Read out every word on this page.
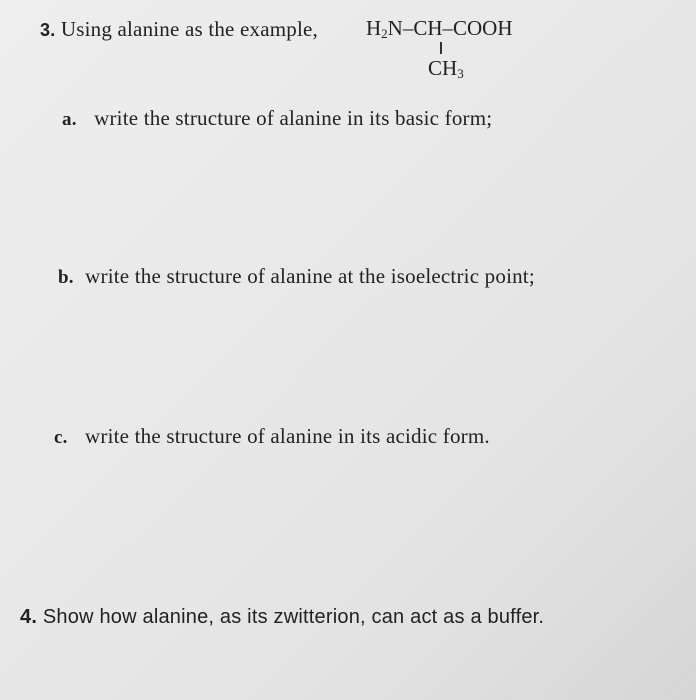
3. Using alanine as the example, $H_2N-CH$–COOH
$CH_3$
a. write the structure of alanine in its basic form;
b. write the structure of alanine at the isoelectric point;
c. write the structure of alanine in its acidic form.
4. Show how alanine, as its zwitterion, can act as a buffer.
